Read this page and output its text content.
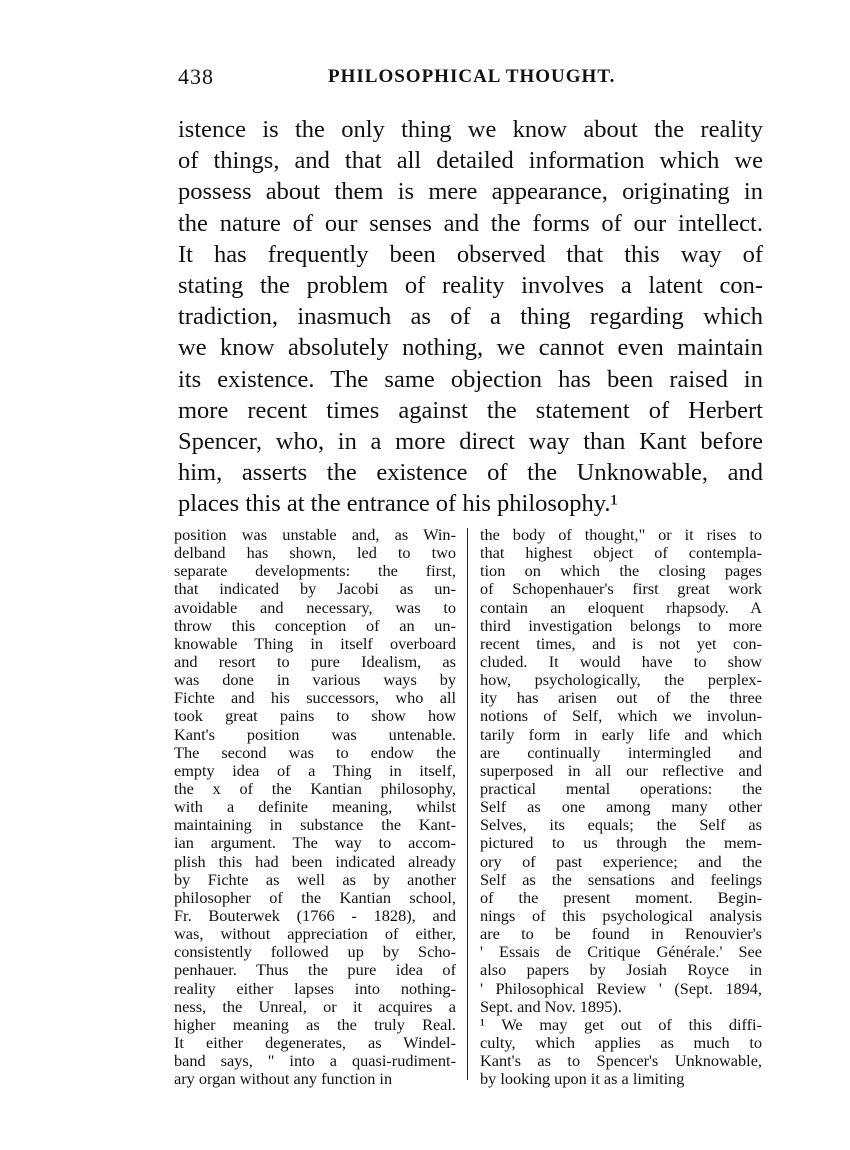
438	PHILOSOPHICAL THOUGHT.
istence is the only thing we know about the reality
of things, and that all detailed information which we
possess about them is mere appearance, originating in
the nature of our senses and the forms of our intellect.
It has frequently been observed that this way of
stating the problem of reality involves a latent con-
tradiction, inasmuch as of a thing regarding which
we know absolutely nothing, we cannot even maintain
its existence. The same objection has been raised in
more recent times against the statement of Herbert
Spencer, who, in a more direct way than Kant before
him, asserts the existence of the Unknowable, and
places this at the entrance of his philosophy.¹
position was unstable and, as Win-
delband has shown, led to two
separate developments: the first,
that indicated by Jacobi as un-
avoidable and necessary, was to
throw this conception of an un-
knowable Thing in itself overboard
and resort to pure Idealism, as
was done in various ways by
Fichte and his successors, who all
took great pains to show how
Kant's position was untenable.
The second was to endow the
empty idea of a Thing in itself,
the x of the Kantian philosophy,
with a definite meaning, whilst
maintaining in substance the Kant-
ian argument. The way to accom-
plish this had been indicated already
by Fichte as well as by another
philosopher of the Kantian school,
Fr. Bouterwek (1766 - 1828), and
was, without appreciation of either,
consistently followed up by Scho-
penhauer. Thus the pure idea of
reality either lapses into nothing-
ness, the Unreal, or it acquires a
higher meaning as the truly Real.
It either degenerates, as Windel-
band says, " into a quasi-rudiment-
ary organ without any function in
the body of thought," or it rises to
that highest object of contempla-
tion on which the closing pages
of Schopenhauer's first great work
contain an eloquent rhapsody. A
third investigation belongs to more
recent times, and is not yet con-
cluded. It would have to show
how, psychologically, the perplex-
ity has arisen out of the three
notions of Self, which we involun-
tarily form in early life and which
are continually intermingled and
superposed in all our reflective and
practical mental operations: the
Self as one among many other
Selves, its equals; the Self as
pictured to us through the mem-
ory of past experience; and the
Self as the sensations and feelings
of the present moment. Begin-
nings of this psychological analysis
are to be found in Renouvier's
' Essais de Critique Générale.' See
also papers by Josiah Royce in
' Philosophical Review ' (Sept. 1894,
Sept. and Nov. 1895).
¹ We may get out of this diffi-
culty, which applies as much to
Kant's as to Spencer's Unknowable,
by looking upon it as a limiting
